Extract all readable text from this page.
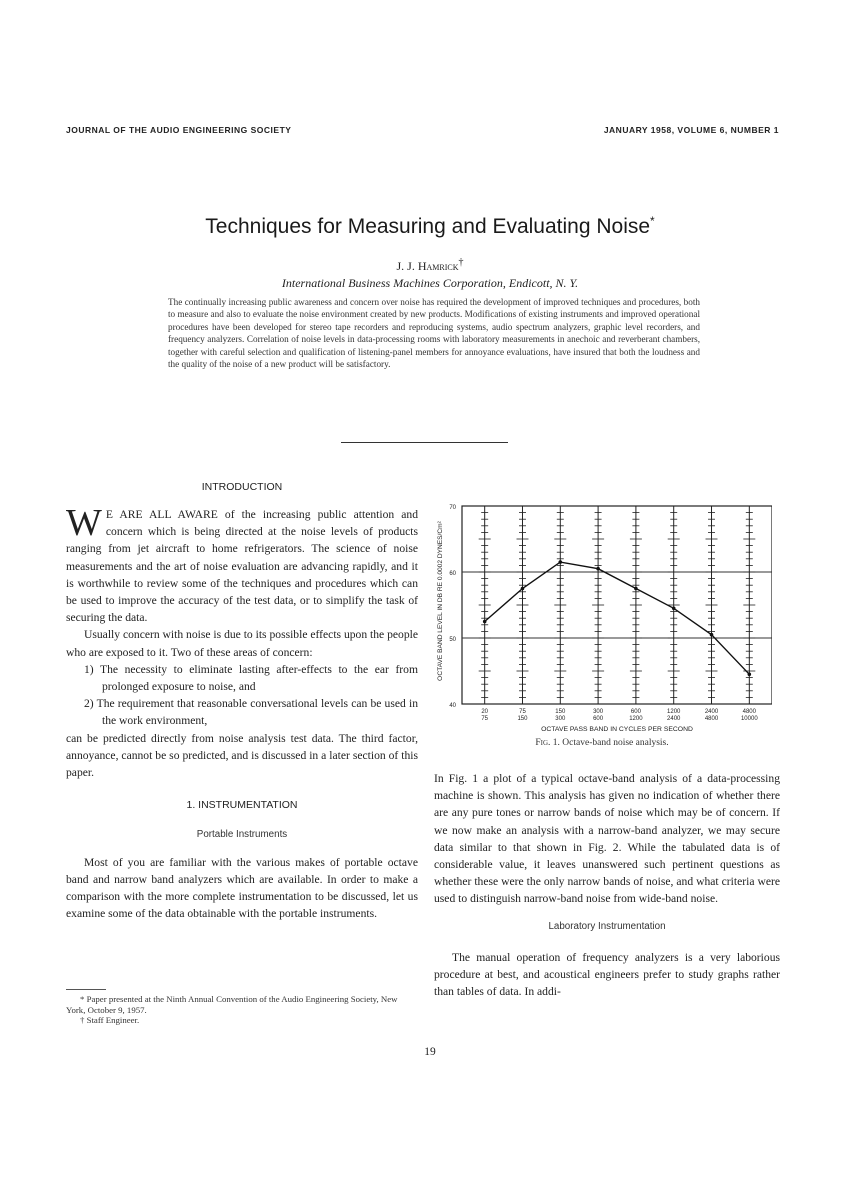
JOURNAL OF THE AUDIO ENGINEERING SOCIETY	JANUARY 1958, VOLUME 6, NUMBER 1
Techniques for Measuring and Evaluating Noise*
J. J. Hamrick†
International Business Machines Corporation, Endicott, N. Y.
The continually increasing public awareness and concern over noise has required the development of improved techniques and procedures, both to measure and also to evaluate the noise environment created by new products. Modifications of existing instruments and improved operational procedures have been developed for stereo tape recorders and reproducing systems, audio spectrum analyzers, graphic level recorders, and frequency analyzers. Correlation of noise levels in data-processing rooms with laboratory measurements in anechoic and reverberant chambers, together with careful selection and qualification of listening-panel members for annoyance evaluations, have insured that both the loudness and the quality of the noise of a new product will be satisfactory.
INTRODUCTION

W E ARE ALL AWARE of the increasing public attention and concern which is being directed at the noise levels of products ranging from jet aircraft to home refrigerators. The science of noise measurements and the art of noise evaluation are advancing rapidly, and it is worthwhile to review some of the techniques and procedures which can be used to improve the accuracy of the test data, or to simplify the task of securing the data.

Usually concern with noise is due to its possible effects upon the people who are exposed to it. Two of these areas of concern:

1) The necessity to eliminate lasting after-effects to the ear from prolonged exposure to noise, and

2) The requirement that reasonable conversational levels can be used in the work environment,

can be predicted directly from noise analysis test data. The third factor, annoyance, cannot be so predicted, and is discussed in a later section of this paper.

1. INSTRUMENTATION
Portable Instruments

Most of you are familiar with the various makes of portable octave band and narrow band analyzers which are available. In order to make a comparison with the more complete instrumentation to be discussed, let us examine some of the data obtainable with the portable instruments.

* Paper presented at the Ninth Annual Convention of the Audio Engineering Society, New York, October 9, 1957.
† Staff Engineer.
70
60
50
40
20
75
75
150
150
300
300
600
600
1200
1200
2400
2400
4800
4800
10000
OCTAVE PASS BAND IN CYCLES PER SECOND
OCTAVE BAND LEVEL IN DB RE 0.0002 DYNES/Cm²
Fig. 1. Octave-band noise analysis.

In Fig. 1 a plot of a typical octave-band analysis of a data-processing machine is shown. This analysis has given no indication of whether there are any pure tones or narrow bands of noise which may be of concern. If we now make an analysis with a narrow-band analyzer, we may secure data similar to that shown in Fig. 2. While the tabulated data is of considerable value, it leaves unanswered such pertinent questions as whether these were the only narrow bands of noise, and what criteria were used to distinguish narrow-band noise from wide-band noise.

Laboratory Instrumentation

The manual operation of frequency analyzers is a very laborious procedure at best, and acoustical engineers prefer to study graphs rather than tables of data. In addi-

19
